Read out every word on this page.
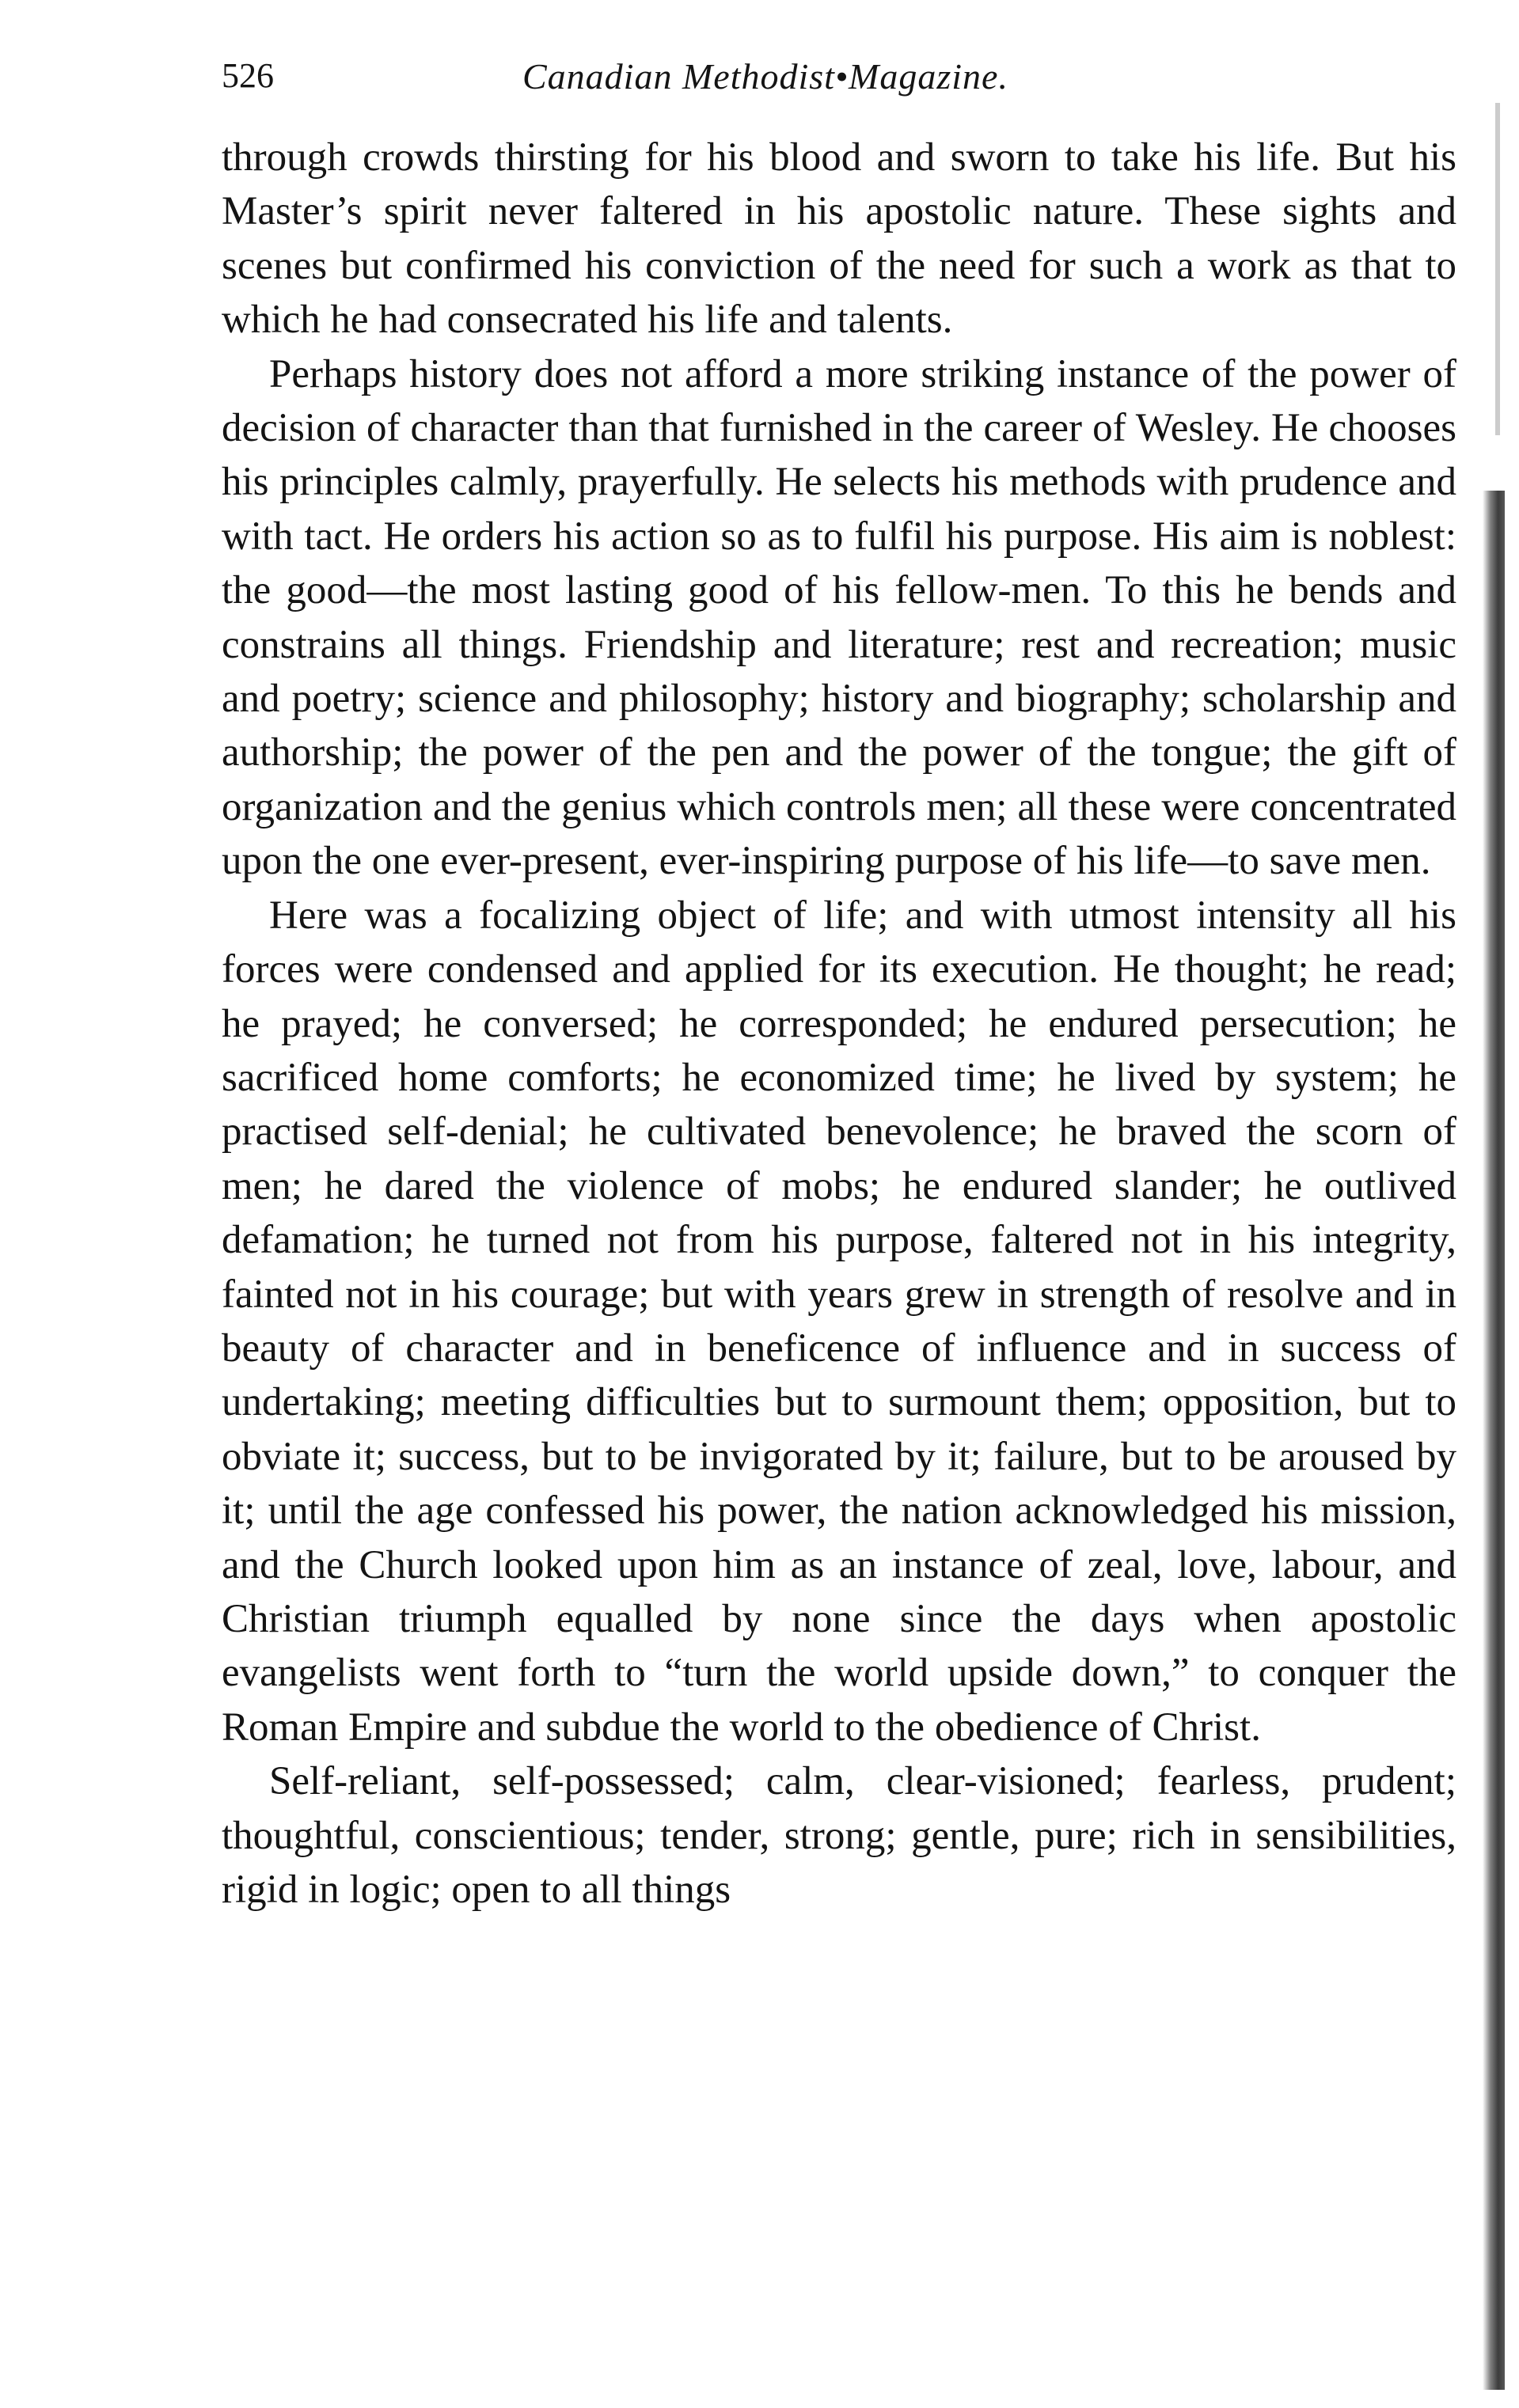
526	Canadian Methodist•Magazine.

through crowds thirsting for his blood and sworn to take his life. But his Master’s spirit never faltered in his apostolic nature. These sights and scenes but confirmed his conviction of the need for such a work as that to which he had consecrated his life and talents.

Perhaps history does not afford a more striking instance of the power of decision of character than that furnished in the career of Wesley. He chooses his principles calmly, prayerfully. He selects his methods with prudence and with tact. He orders his action so as to fulfil his purpose. His aim is noblest: the good—the most lasting good of his fellow-men. To this he bends and constrains all things. Friendship and literature; rest and recreation; music and poetry; science and philosophy; history and biography; scholarship and authorship; the power of the pen and the power of the tongue; the gift of organization and the genius which controls men; all these were concentrated upon the one ever-present, ever-inspiring purpose of his life—to save men.

Here was a focalizing object of life; and with utmost intensity all his forces were condensed and applied for its execution. He thought; he read; he prayed; he conversed; he corresponded; he endured persecution; he sacrificed home comforts; he economized time; he lived by system; he practised self-denial; he cultivated benevolence; he braved the scorn of men; he dared the violence of mobs; he endured slander; he outlived defamation; he turned not from his purpose, faltered not in his integrity, fainted not in his courage; but with years grew in strength of resolve and in beauty of character and in beneficence of influence and in success of undertaking; meeting difficulties but to surmount them; opposition, but to obviate it; success, but to be invigorated by it; failure, but to be aroused by it; until the age confessed his power, the nation acknowledged his mission, and the Church looked upon him as an instance of zeal, love, labour, and Christian triumph equalled by none since the days when apostolic evangelists went forth to “turn the world upside down,” to conquer the Roman Empire and subdue the world to the obedience of Christ.

Self-reliant, self-possessed; calm, clear-visioned; fearless, prudent; thoughtful, conscientious; tender, strong; gentle, pure; rich in sensibilities, rigid in logic; open to all things
